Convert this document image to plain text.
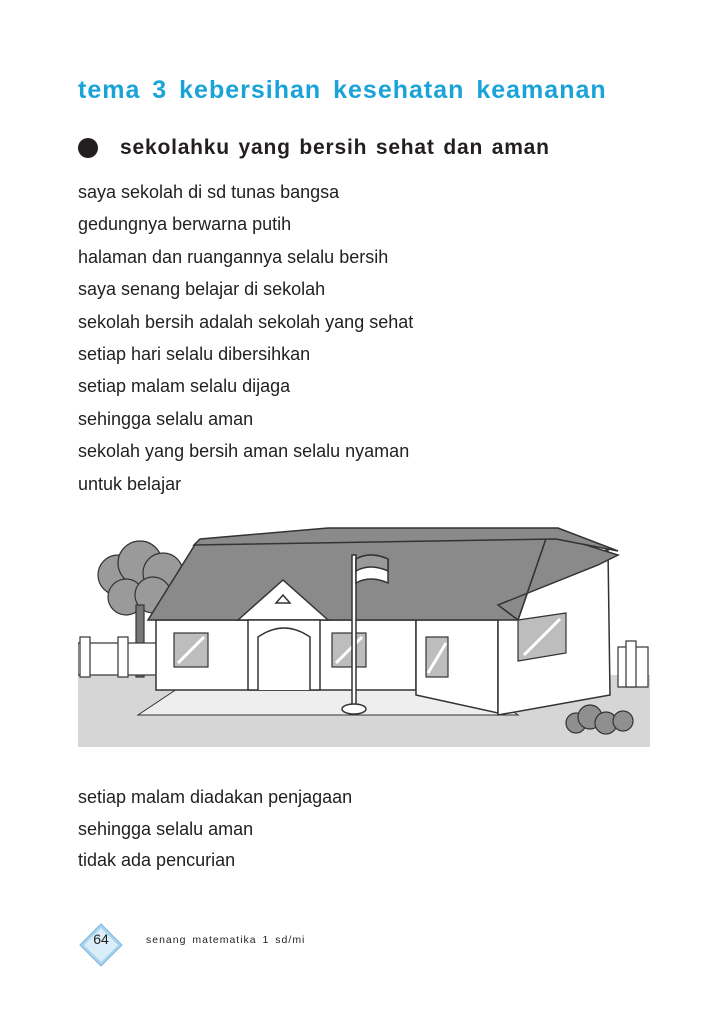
tema 3 kebersihan kesehatan keamanan
sekolahku yang bersih sehat dan aman
saya sekolah di sd tunas bangsa
gedungnya berwarna putih
halaman dan ruangannya selalu bersih
saya senang belajar di sekolah
sekolah bersih adalah sekolah yang sehat
setiap hari selalu dibersihkan
setiap malam selalu dijaga
sehingga selalu aman
sekolah yang bersih aman selalu nyaman
untuk belajar
setiap malam diadakan penjagaan
sehingga selalu aman
tidak ada pencurian
64	senang matematika 1 sd/mi
